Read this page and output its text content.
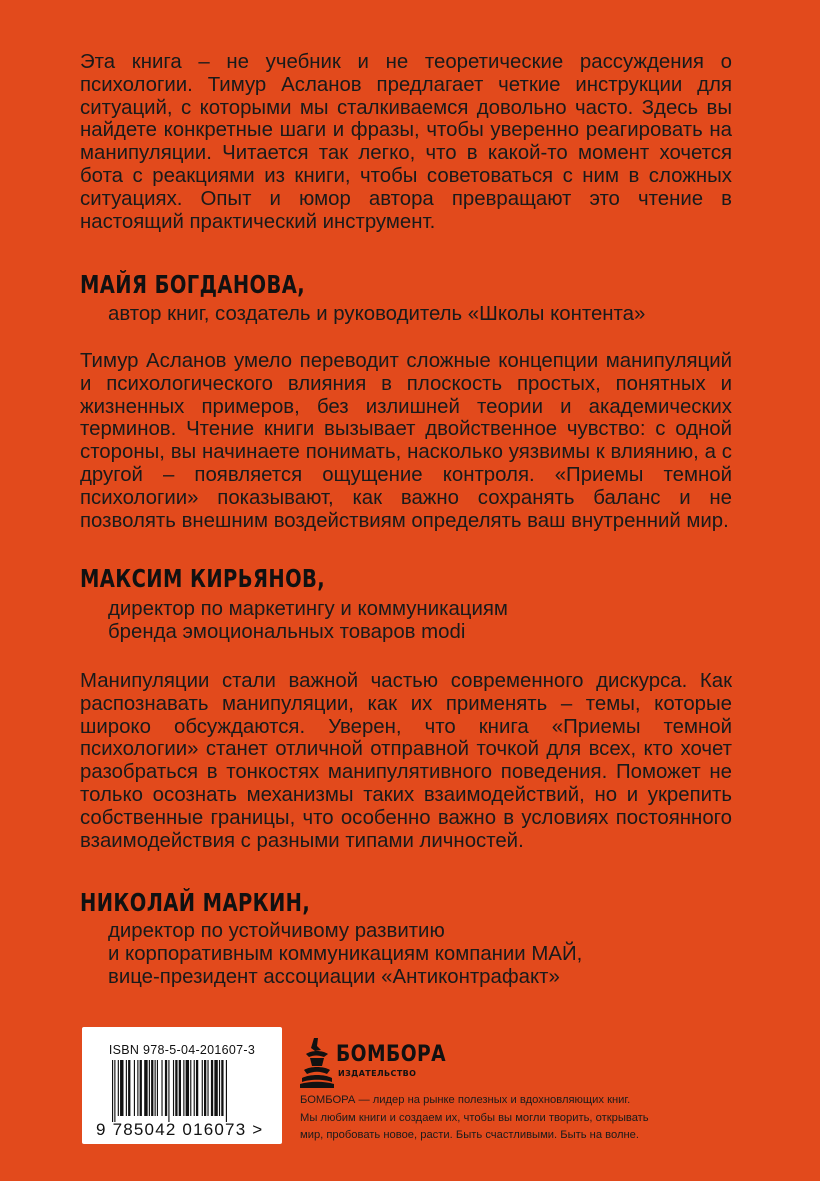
Эта книга – не учебник и не теоретические рассуждения о психологии. Тимур Асланов предлагает четкие инструкции для ситуаций, с которыми мы сталкиваемся довольно часто. Здесь вы найдете конкретные шаги и фразы, чтобы уверенно реагировать на манипуляции. Читается так легко, что в какой-то момент хочется бота с реакциями из книги, чтобы советоваться с ним в сложных ситуациях. Опыт и юмор автора превращают это чтение в настоящий практический инструмент.

МАЙЯ БОГДАНОВА,
автор книг, создатель и руководитель «Школы контента»

Тимур Асланов умело переводит сложные концепции манипуляций и психологического влияния в плоскость простых, понятных и жизненных примеров, без излишней теории и академических терминов. Чтение книги вызывает двойственное чувство: с одной стороны, вы начинаете понимать, насколько уязвимы к влиянию, а с другой – появляется ощущение контроля. «Приемы темной психологии» показывают, как важно сохранять баланс и не позволять внешним воздействиям определять ваш внутренний мир.

МАКСИМ КИРЬЯНОВ,
директор по маркетингу и коммуникациям
бренда эмоциональных товаров modi

Манипуляции стали важной частью современного дискурса. Как распознавать манипуляции, как их применять – темы, которые широко обсуждаются. Уверен, что книга «Приемы темной психологии» станет отличной отправной точкой для всех, кто хочет разобраться в тонкостях манипулятивного поведения. Поможет не только осознать механизмы таких взаимодействий, но и укрепить собственные границы, что особенно важно в условиях постоянного взаимодействия с разными типами личностей.

НИКОЛАЙ МАРКИН,
директор по устойчивому развитию
и корпоративным коммуникациям компании МАЙ,
вице-президент ассоциации «Антиконтрафакт»
ISBN 978-5-04-201607-3
9 785042 016073 >
БОМБОРА
ИЗДАТЕЛЬСТВО
БОМБОРА — лидер на рынке полезных и вдохновляющих книг.
Мы любим книги и создаем их, чтобы вы могли творить, открывать
мир, пробовать новое, расти. Быть счастливыми. Быть на волне.
